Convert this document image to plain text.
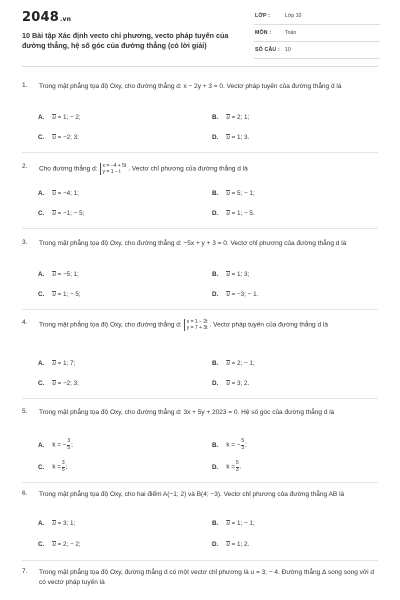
2048.vn
10 Bài tập Xác định vecto chỉ phương, vecto pháp tuyến của đường thẳng, hệ số góc của đường thẳng (có lời giải)
LỚP :	Lớp 10
MÔN :	Toán
SỐ CÂU : 10
1. Trong mặt phẳng tọa độ Oxy, cho đường thẳng d: x − 2y + 3 = 0. Vectơ pháp tuyến của đường thẳng d là
A. u = 1; − 2;	B. u = 2; 1;
C. u = −2; 3;	D. u = 1; 3.
2. Cho đường thẳng d: x = −4 + 5t
y = 1 − t	. Vectơ chỉ phương của đường thẳng d là
A. u = −4; 1;	B. u = 5; − 1;
C. u = −1; − 5;	D. u = 1; − 5.
3. Trong mặt phẳng tọa độ Oxy, cho đường thẳng d: −5x + y + 3 = 0. Vectơ chỉ phương của đường thẳng d là
A. u = −5; 1;	B. u = 1; 3;
C. u = 1; − 5;	D. u = −3; − 1.
4. Trong mặt phẳng tọa độ Oxy, cho đường thẳng d: x = 1 − 2t
y = 7 + 3t . Vectơ pháp tuyến của đường thẳng d là
A. u = 1; 7;	B. u = 2; − 1;
C. u = −2; 3;	D. u = 3; 2.
5. Trong mặt phẳng tọa độ Oxy, cho đường thẳng d: 3x + 5y + 2023 = 0. Hệ số góc của đường thẳng d là
A. k = − $\frac{3}{5}$ ;	B. k = − $\frac{5}{3}$ ;
C. $k = \frac{3}{5}$ ;	D. $k = \frac{5}{3}$ .
6. Trong mặt phẳng tọa độ Oxy, cho hai điểm A(−1; 2) và B(4; −3). Vectơ chỉ phương của đường thẳng AB là
A. u = 3; 1;	B. u = 1; − 1;
C. u = 2; − 2;	D. u = 1; 2.
7. Trong mặt phẳng tọa độ Oxy, đường thẳng d có một vectơ chỉ phương là u = 3; − 4. Đường thẳng Δ song song với d có vectơ pháp tuyến là
